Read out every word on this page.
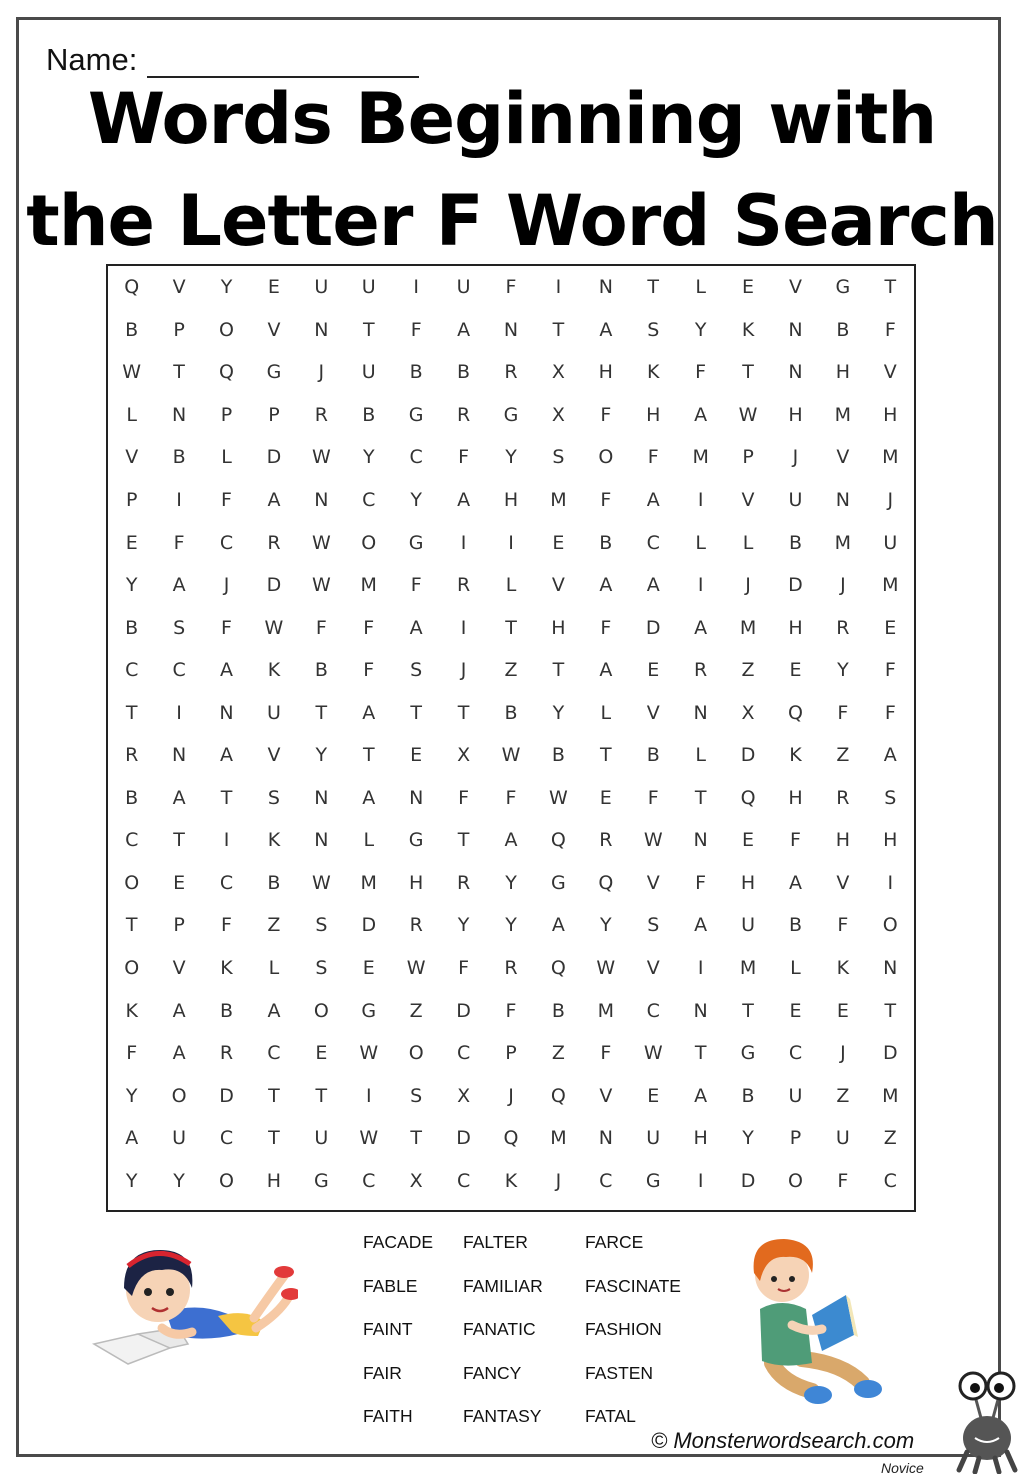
Name:
Words Beginning with
the Letter F Word Search
Q	V	Y	E	U	U	I	U	F	I	N	T	L	E	V	G	T
B	P	O	V	N	T	F	A	N	T	A	S	Y	K	N	B	F
W	T	Q	G	J	U	B	B	R	X	H	K	F	T	N	H	V
L	N	P	P	R	B	G	R	G	X	F	H	A	W	H	M	H
V	B	L	D	W	Y	C	F	Y	S	O	F	M	P	J	V	M
P	I	F	A	N	C	Y	A	H	M	F	A	I	V	U	N	J
E	F	C	R	W	O	G	I	I	E	B	C	L	L	B	M	U
Y	A	J	D	W	M	F	R	L	V	A	A	I	J	D	J	M
B	S	F	W	F	F	A	I	T	H	F	D	A	M	H	R	E
C	C	A	K	B	F	S	J	Z	T	A	E	R	Z	E	Y	F
T	I	N	U	T	A	T	T	B	Y	L	V	N	X	Q	F	F
R	N	A	V	Y	T	E	X	W	B	T	B	L	D	K	Z	A
B	A	T	S	N	A	N	F	F	W	E	F	T	Q	H	R	S
C	T	I	K	N	L	G	T	A	Q	R	W	N	E	F	H	H
O	E	C	B	W	M	H	R	Y	G	Q	V	F	H	A	V	I
T	P	F	Z	S	D	R	Y	Y	A	Y	S	A	U	B	F	O
O	V	K	L	S	E	W	F	R	Q	W	V	I	M	L	K	N
K	A	B	A	O	G	Z	D	F	B	M	C	N	T	E	E	T
F	A	R	C	E	W	O	C	P	Z	F	W	T	G	C	J	D
Y	O	D	T	T	I	S	X	J	Q	V	E	A	B	U	Z	M
A	U	C	T	U	W	T	D	Q	M	N	U	H	Y	P	U	Z
Y	Y	O	H	G	C	X	C	K	J	C	G	I	D	O	F	C
FACADE
FABLE
FAINT
FAIR
FAITH
FALTER
FAMILIAR
FANATIC
FANCY
FANTASY
FARCE
FASCINATE
FASHION
FASTEN
FATAL
© Monsterwordsearch.com
Novice
